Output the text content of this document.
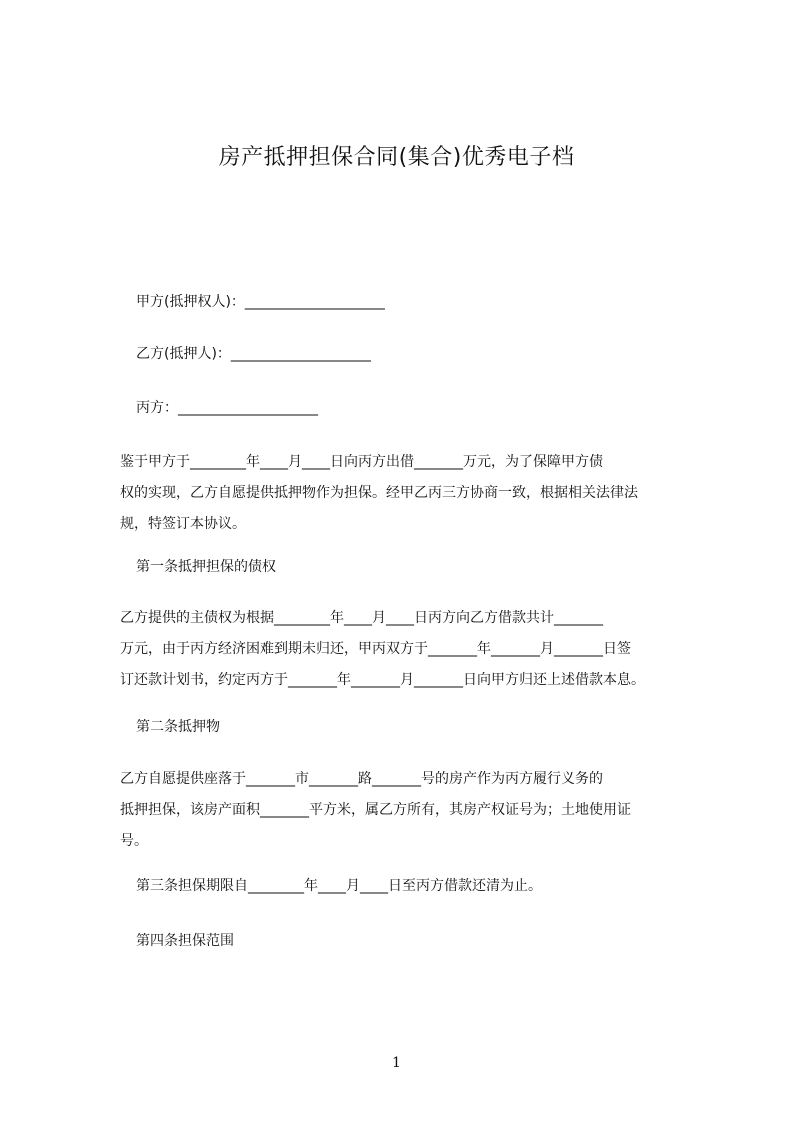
房产抵押担保合同(集合)优秀电子档
甲方(抵押权人)：____________________
乙方(抵押人)：____________________
丙方：____________________
鉴于甲方于________年____月____日向丙方出借_______万元，为了保障甲方债
权的实现，乙方自愿提供抵押物作为担保。经甲乙丙三方协商一致，根据相关法律法
规，特签订本协议。
第一条抵押担保的债权
乙方提供的主债权为根据________年____月____日丙方向乙方借款共计_______
万元，由于丙方经济困难到期未归还，甲丙双方于_______年_______月_______日签
订还款计划书，约定丙方于_______年_______月_______日向甲方归还上述借款本息。
第二条抵押物
乙方自愿提供座落于_______市_______路_______号的房产作为丙方履行义务的
抵押担保，该房产面积_______平方米，属乙方所有，其房产权证号为；土地使用证
号。
第三条担保期限自________年____月____日至丙方借款还清为止。
第四条担保范围
1
